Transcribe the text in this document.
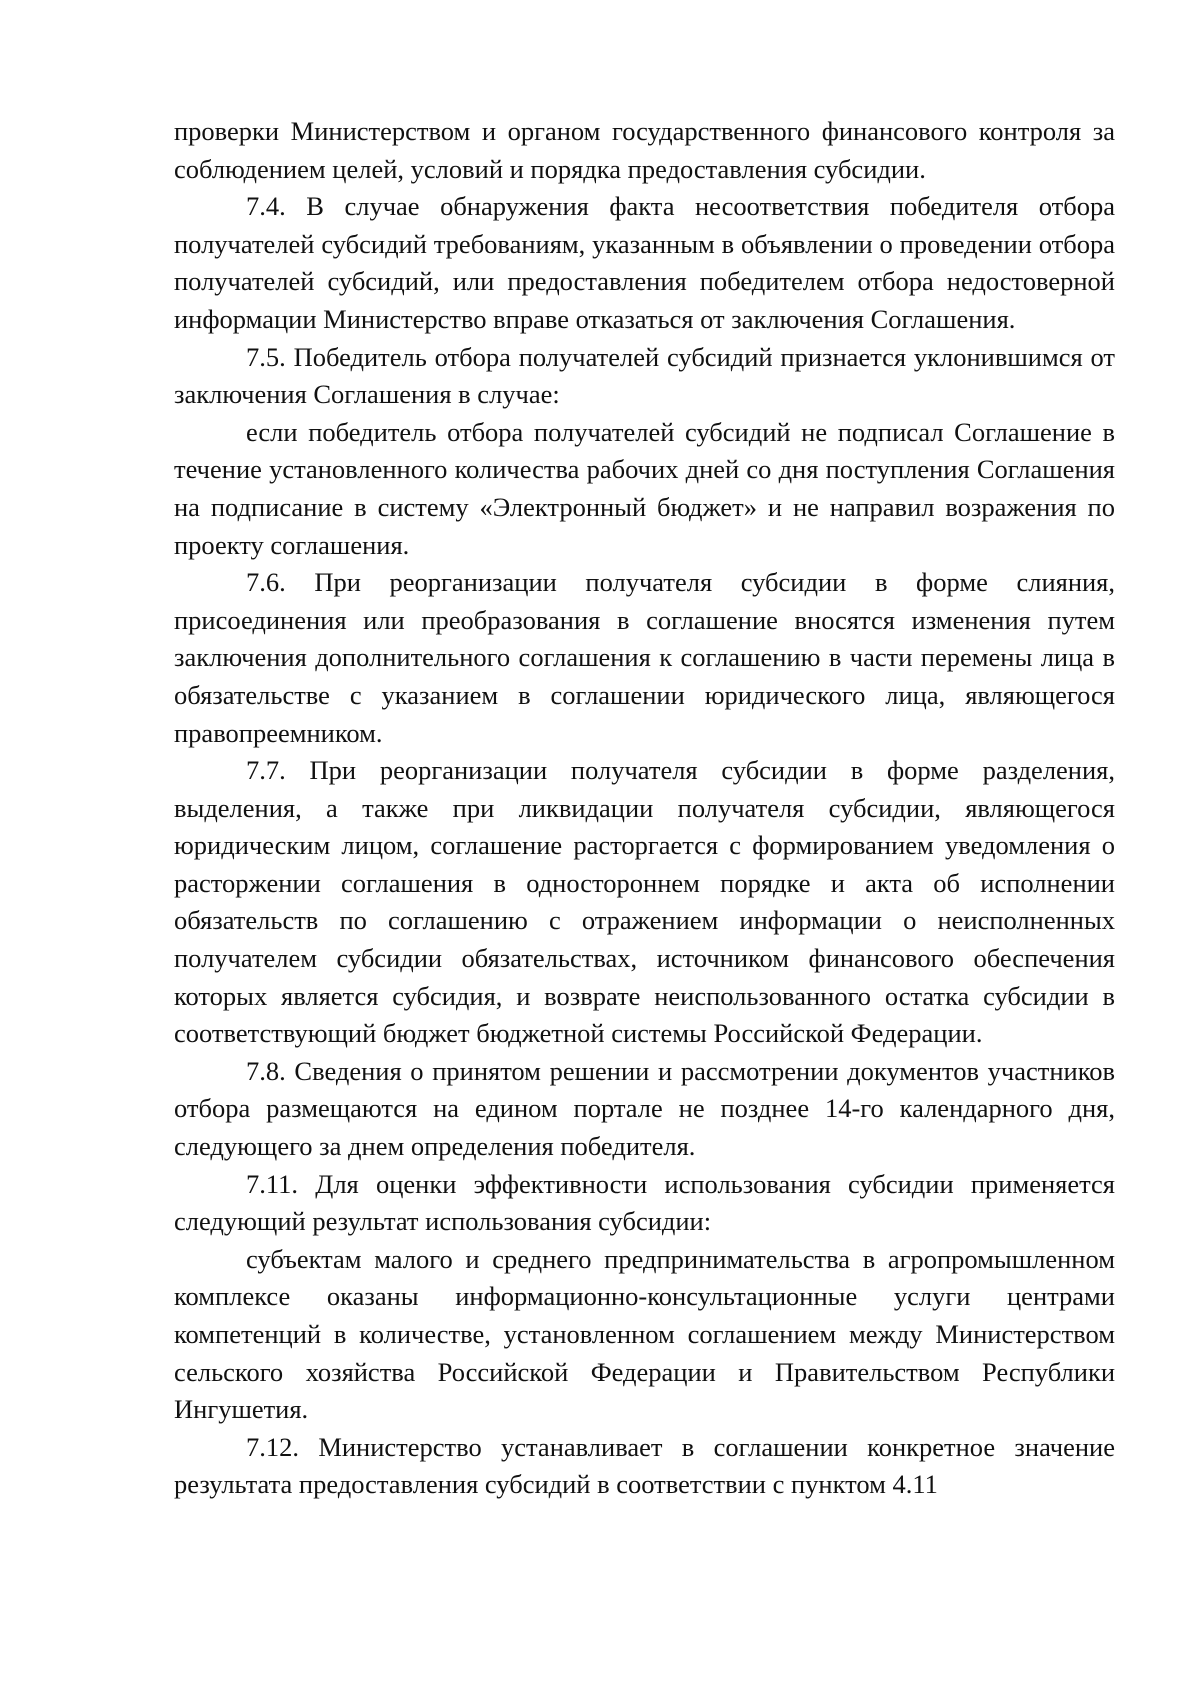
проверки Министерством и органом государственного финансового контроля за соблюдением целей, условий и порядка предоставления субсидии.

7.4. В случае обнаружения факта несоответствия победителя отбора получателей субсидий требованиям, указанным в объявлении о проведении отбора получателей субсидий, или предоставления победителем отбора недостоверной информации Министерство вправе отказаться от заключения Соглашения.

7.5. Победитель отбора получателей субсидий признается уклонившимся от заключения Соглашения в случае:

если победитель отбора получателей субсидий не подписал Соглашение в течение установленного количества рабочих дней со дня поступления Соглашения на подписание в систему «Электронный бюджет» и не направил возражения по проекту соглашения.

7.6. При реорганизации получателя субсидии в форме слияния, присоединения или преобразования в соглашение вносятся изменения путем заключения дополнительного соглашения к соглашению в части перемены лица в обязательстве с указанием в соглашении юридического лица, являющегося правопреемником.

7.7. При реорганизации получателя субсидии в форме разделения, выделения, а также при ликвидации получателя субсидии, являющегося юридическим лицом, соглашение расторгается с формированием уведомления о расторжении соглашения в одностороннем порядке и акта об исполнении обязательств по соглашению с отражением информации о неисполненных получателем субсидии обязательствах, источником финансового обеспечения которых является субсидия, и возврате неиспользованного остатка субсидии в соответствующий бюджет бюджетной системы Российской Федерации.

7.8. Сведения о принятом решении и рассмотрении документов участников отбора размещаются на едином портале не позднее 14-го календарного дня, следующего за днем определения победителя.

7.11. Для оценки эффективности использования субсидии применяется следующий результат использования субсидии:

субъектам малого и среднего предпринимательства в агропромышленном комплексе оказаны информационно-консультационные услуги центрами компетенций в количестве, установленном соглашением между Министерством сельского хозяйства Российской Федерации и Правительством Республики Ингушетия.

7.12. Министерство устанавливает в соглашении конкретное значение результата предоставления субсидий в соответствии с пунктом 4.11
